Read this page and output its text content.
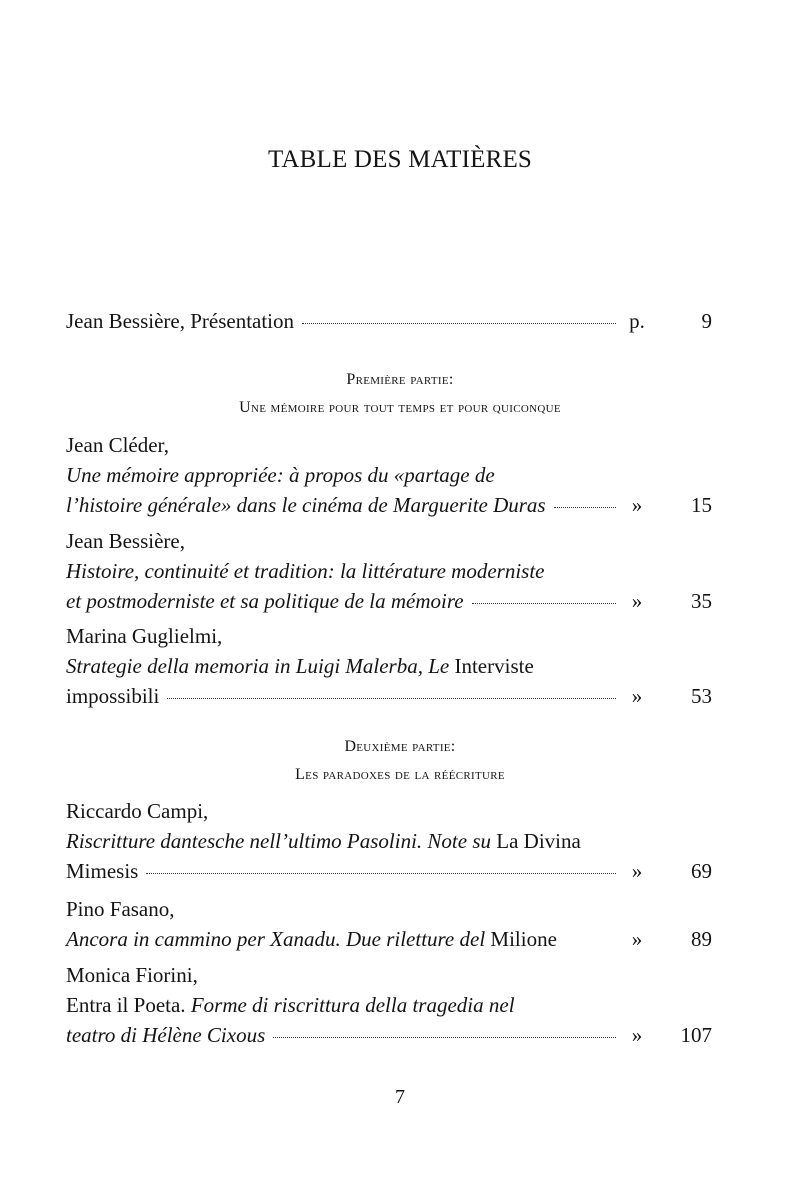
TABLE DES MATIÈRES
Jean Bessière, Présentation	p.	9
Première partie:
Une mémoire pour tout temps et pour quiconque
Jean Cléder,
Une mémoire appropriée: à propos du «partage de
l’histoire générale» dans le cinéma de Marguerite Duras	»	15
Jean Bessière,
Histoire, continuité et tradition: la littérature moderniste
et postmoderniste et sa politique de la mémoire	»	35
Marina Guglielmi,
Strategie della memoria in Luigi Malerba, Le Interviste
impossibili	»	53
Deuxième partie:
Les paradoxes de la réécriture
Riccardo Campi,
Riscritture dantesche nell’ultimo Pasolini. Note su La Divina
Mimesis	»	69
Pino Fasano,
Ancora in cammino per Xanadu. Due riletture del Milione	»	89
Monica Fiorini,
Entra il Poeta. Forme di riscrittura della tragedia nel
teatro di Hélène Cixous	»	107
7
